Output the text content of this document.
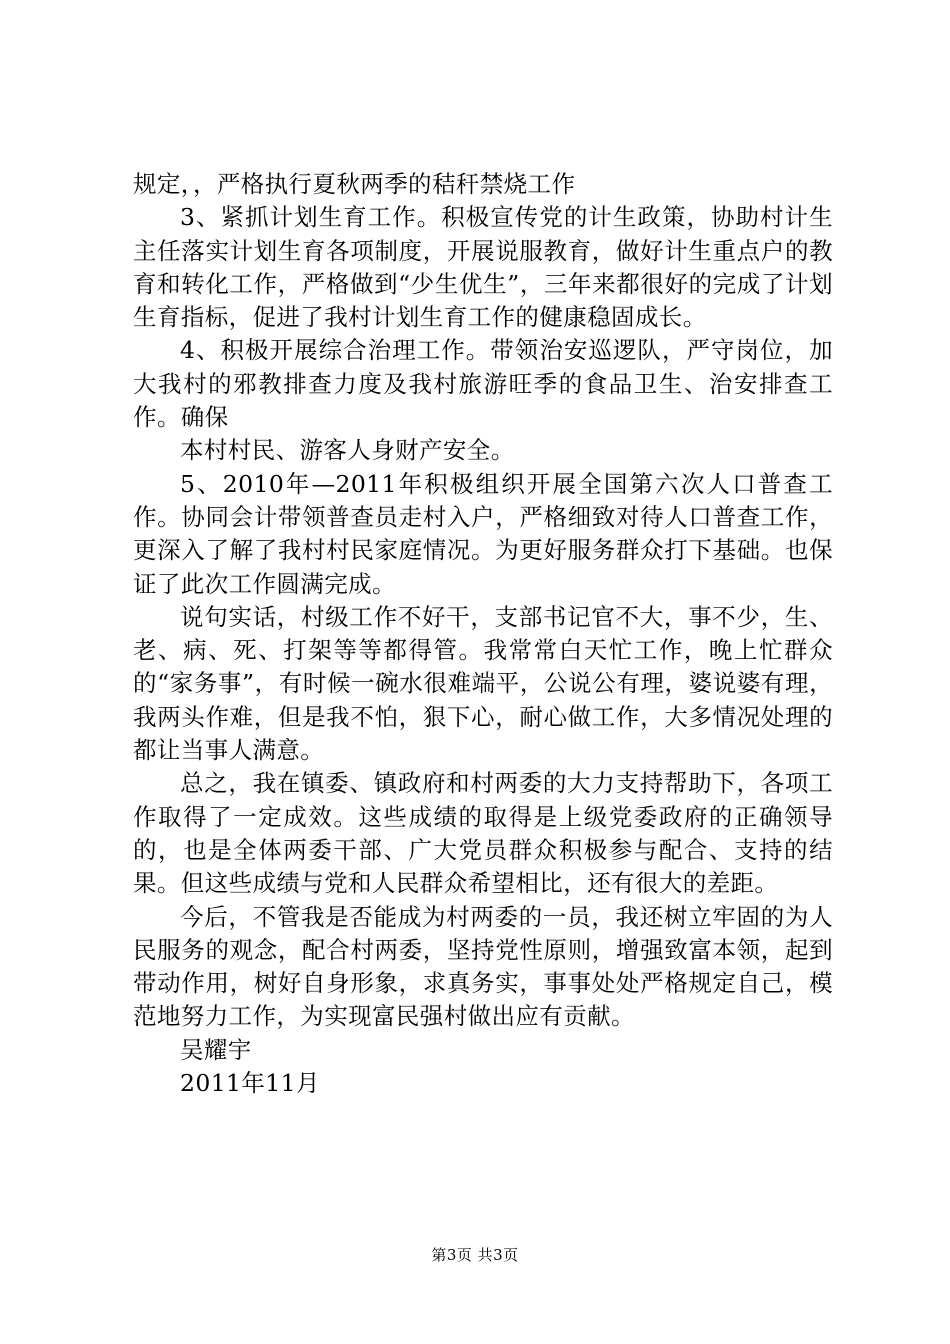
规定，，严格执行夏秋两季的秸秆禁烧工作

3、紧抓计划生育工作。积极宣传党的计生政策，协助村计生主任落实计划生育各项制度，开展说服教育，做好计生重点户的教育和转化工作，严格做到“少生优生”，三年来都很好的完成了计划生育指标，促进了我村计划生育工作的健康稳固成长。

4、积极开展综合治理工作。带领治安巡逻队，严守岗位，加大我村的邪教排查力度及我村旅游旺季的食品卫生、治安排查工作。确保

本村村民、游客人身财产安全。

5、2010年—2011年积极组织开展全国第六次人口普查工作。协同会计带领普查员走村入户，严格细致对待人口普查工作，更深入了解了我村村民家庭情况。为更好服务群众打下基础。也保证了此次工作圆满完成。

说句实话，村级工作不好干，支部书记官不大，事不少，生、老、病、死、打架等等都得管。我常常白天忙工作，晚上忙群众的“家务事”，有时候一碗水很难端平，公说公有理，婆说婆有理，我两头作难，但是我不怕，狠下心，耐心做工作，大多情况处理的都让当事人满意。

总之，我在镇委、镇政府和村两委的大力支持帮助下，各项工作取得了一定成效。这些成绩的取得是上级党委政府的正确领导的，也是全体两委干部、广大党员群众积极参与配合、支持的结果。但这些成绩与党和人民群众希望相比，还有很大的差距。

今后，不管我是否能成为村两委的一员，我还树立牢固的为人民服务的观念，配合村两委，坚持党性原则，增强致富本领，起到带动作用，树好自身形象，求真务实，事事处处严格规定自己，模范地努力工作，为实现富民强村做出应有贡献。

吴耀宇

2011年11月

第3页 共3页
